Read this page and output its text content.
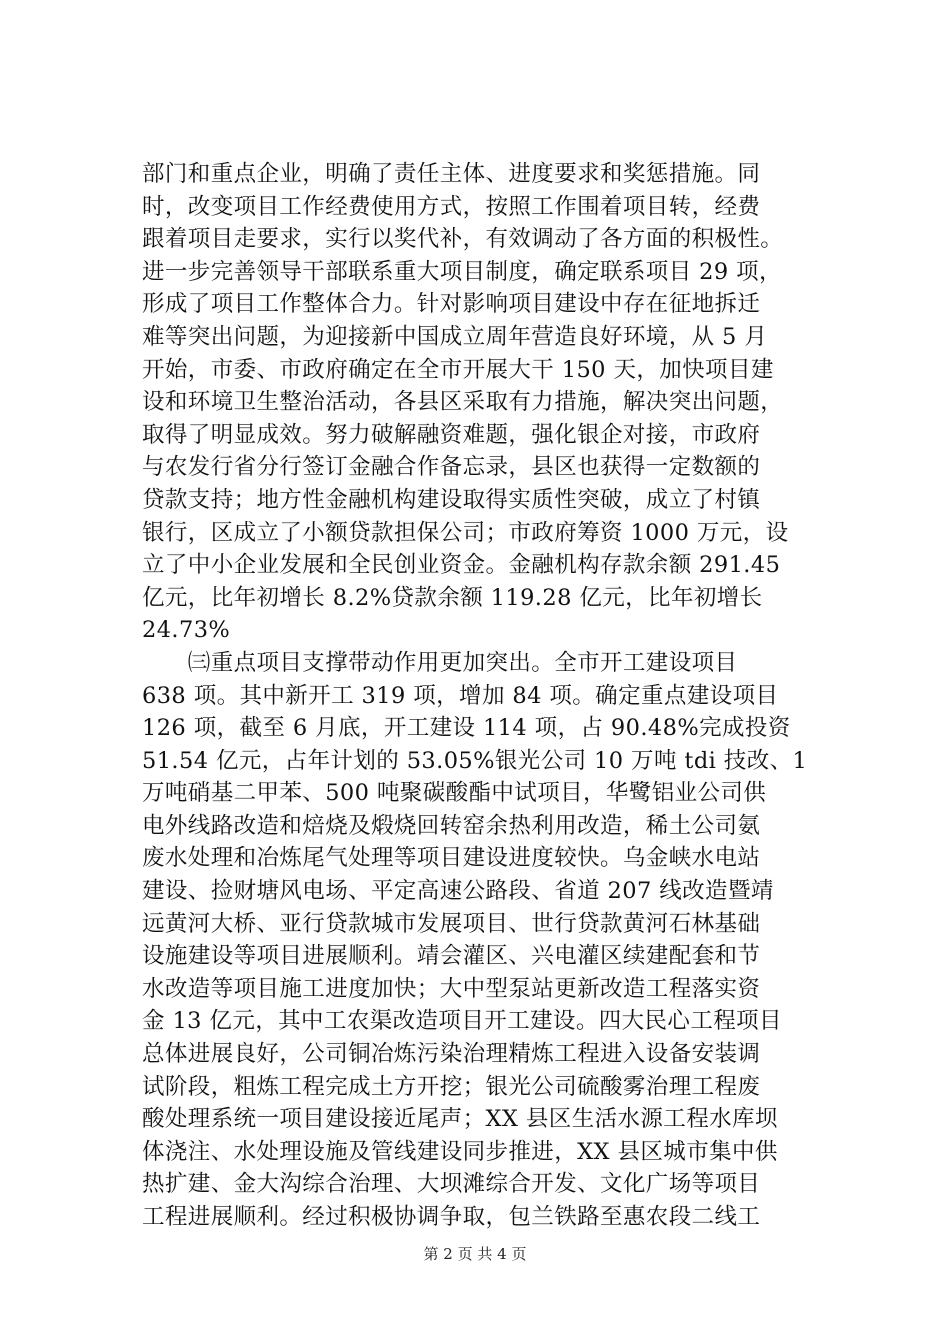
部门和重点企业，明确了责任主体、进度要求和奖惩措施。同
时，改变项目工作经费使用方式，按照工作围着项目转，经费
跟着项目走要求，实行以奖代补，有效调动了各方面的积极性。
进一步完善领导干部联系重大项目制度，确定联系项目 29 项，
形成了项目工作整体合力。针对影响项目建设中存在征地拆迁
难等突出问题，为迎接新中国成立周年营造良好环境，从 5 月
开始，市委、市政府确定在全市开展大干 150 天，加快项目建
设和环境卫生整治活动，各县区采取有力措施，解决突出问题，
取得了明显成效。努力破解融资难题，强化银企对接，市政府
与农发行省分行签订金融合作备忘录，县区也获得一定数额的
贷款支持；地方性金融机构建设取得实质性突破，成立了村镇
银行，区成立了小额贷款担保公司；市政府筹资 1000 万元，设
立了中小企业发展和全民创业资金。金融机构存款余额 291.45
亿元，比年初增长 8.2%贷款余额 119.28 亿元，比年初增长
24.73%
　　㈢重点项目支撑带动作用更加突出。全市开工建设项目
638 项。其中新开工 319 项，增加 84 项。确定重点建设项目
126 项，截至 6 月底，开工建设 114 项，占 90.48%完成投资
51.54 亿元，占年计划的 53.05%银光公司 10 万吨 tdi 技改、1
万吨硝基二甲苯、500 吨聚碳酸酯中试项目，华鹭铝业公司供
电外线路改造和焙烧及煅烧回转窑余热利用改造，稀土公司氨
废水处理和冶炼尾气处理等项目建设进度较快。乌金峡水电站
建设、捡财塘风电场、平定高速公路段、省道 207 线改造暨靖
远黄河大桥、亚行贷款城市发展项目、世行贷款黄河石林基础
设施建设等项目进展顺利。靖会灌区、兴电灌区续建配套和节
水改造等项目施工进度加快；大中型泵站更新改造工程落实资
金 13 亿元，其中工农渠改造项目开工建设。四大民心工程项目
总体进展良好，公司铜冶炼污染治理精炼工程进入设备安装调
试阶段，粗炼工程完成土方开挖；银光公司硫酸雾治理工程废
酸处理系统一项目建设接近尾声；XX 县区生活水源工程水库坝
体浇注、水处理设施及管线建设同步推进，XX 县区城市集中供
热扩建、金大沟综合治理、大坝滩综合开发、文化广场等项目
工程进展顺利。经过积极协调争取，包兰铁路至惠农段二线工
第 2 页 共 4 页
